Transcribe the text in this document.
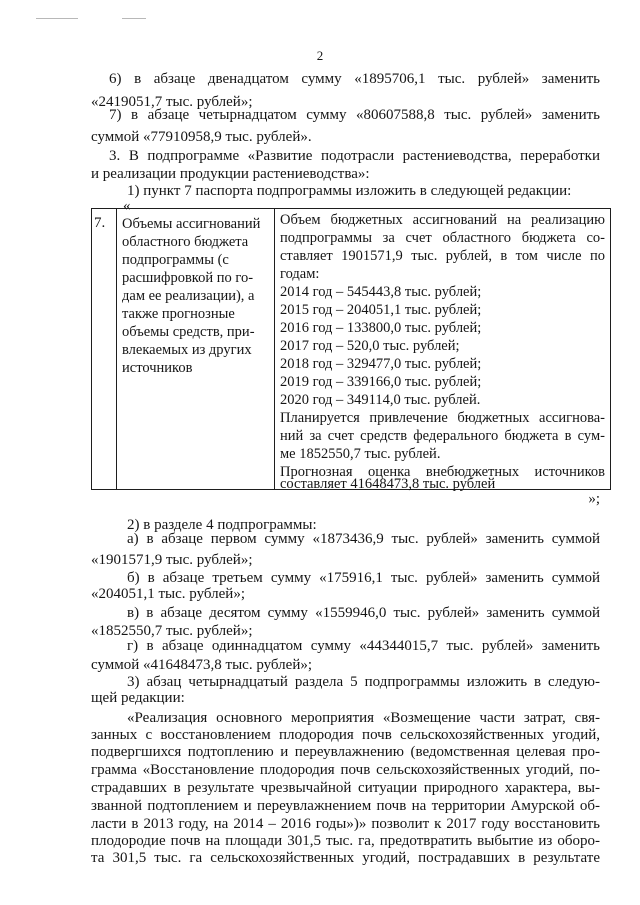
2
6) в абзаце двенадцатом сумму «1895706,1 тыс. рублей» заменить
«2419051,7 тыс. рублей»;
7) в абзаце четырнадцатом сумму «80607588,8 тыс. рублей» заменить
суммой «77910958,9 тыс. рублей».
3. В подпрограмме «Развитие подотрасли растениеводства, переработки
и реализации продукции растениеводства»:
1) пункт 7 паспорта подпрограммы изложить в следующей редакции:
«
7. Объемы ассигнований
областного бюджета
подпрограммы (с
расшифровкой по го-
дам ее реализации), а
также прогнозные
объемы средств, при-
влекаемых из других
источников
Объем бюджетных ассигнований на реализацию
подпрограммы за счет областного бюджета со-
ставляет 1901571,9 тыс. рублей, в том числе по
годам:
2014 год – 545443,8 тыс. рублей;
2015 год – 204051,1 тыс. рублей;
2016 год – 133800,0 тыс. рублей;
2017 год – 520,0 тыс. рублей;
2018 год – 329477,0 тыс. рублей;
2019 год – 339166,0 тыс. рублей;
2020 год – 349114,0 тыс. рублей.
Планируется привлечение бюджетных ассигнова-
ний за счет средств федерального бюджета в сум-
ме 1852550,7 тыс. рублей.
Прогнозная оценка внебюджетных источников
составляет 41648473,8 тыс. рублей
»;
2) в разделе 4 подпрограммы:
а) в абзаце первом сумму «1873436,9 тыс. рублей» заменить суммой
«1901571,9 тыс. рублей»;
б) в абзаце третьем сумму «175916,1 тыс. рублей» заменить суммой
«204051,1 тыс. рублей»;
в) в абзаце десятом сумму «1559946,0 тыс. рублей» заменить суммой
«1852550,7 тыс. рублей»;
г) в абзаце одиннадцатом сумму «44344015,7 тыс. рублей» заменить
суммой «41648473,8 тыс. рублей»;
3) абзац четырнадцатый раздела 5 подпрограммы изложить в следую-
щей редакции:
«Реализация основного мероприятия «Возмещение части затрат, свя-
занных с восстановлением плодородия почв сельскохозяйственных угодий,
подвергшихся подтоплению и переувлажнению (ведомственная целевая про-
грамма «Восстановление плодородия почв сельскохозяйственных угодий, по-
страдавших в результате чрезвычайной ситуации природного характера, вы-
званной подтоплением и переувлажнением почв на территории Амурской об-
ласти в 2013 году, на 2014 – 2016 годы»)» позволит к 2017 году восстановить
плодородие почв на площади 301,5 тыс. га, предотвратить выбытие из оборо-
та 301,5 тыс. га сельскохозяйственных угодий, пострадавших в результате
